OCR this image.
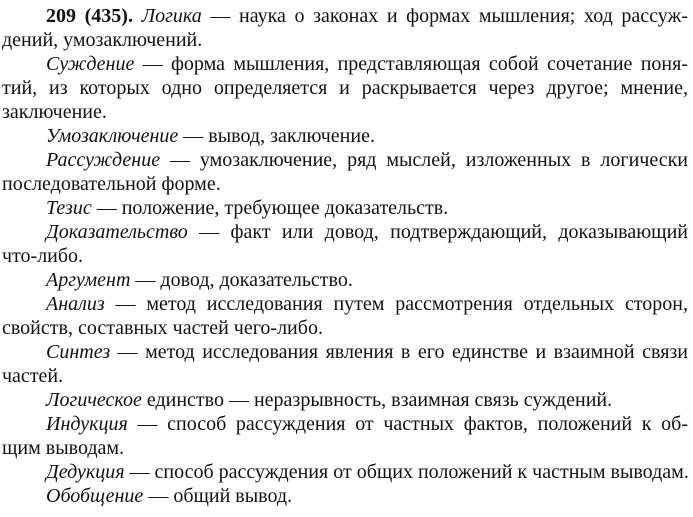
209 (435). Логика — наука о законах и формах мышления; ход рассуж-
дений, умозаключений.
Суждение — форма мышления, представляющая собой сочетание поня-
тий, из которых одно определяется и раскрывается через другое; мнение,
заключение.
Умозаключение — вывод, заключение.
Рассуждение — умозаключение, ряд мыслей, изложенных в логически
последовательной форме.
Тезис — положение, требующее доказательств.
Доказательство — факт или довод, подтверждающий, доказывающий
что-либо.
Аргумент — довод, доказательство.
Анализ — метод исследования путем рассмотрения отдельных сторон,
свойств, составных частей чего-либо.
Синтез — метод исследования явления в его единстве и взаимной связи
частей.
Логическое единство — неразрывность, взаимная связь суждений.
Индукция — способ рассуждения от частных фактов, положений к об-
щим выводам.
Дедукция — способ рассуждения от общих положений к частным выводам.
Обобщение — общий вывод.
